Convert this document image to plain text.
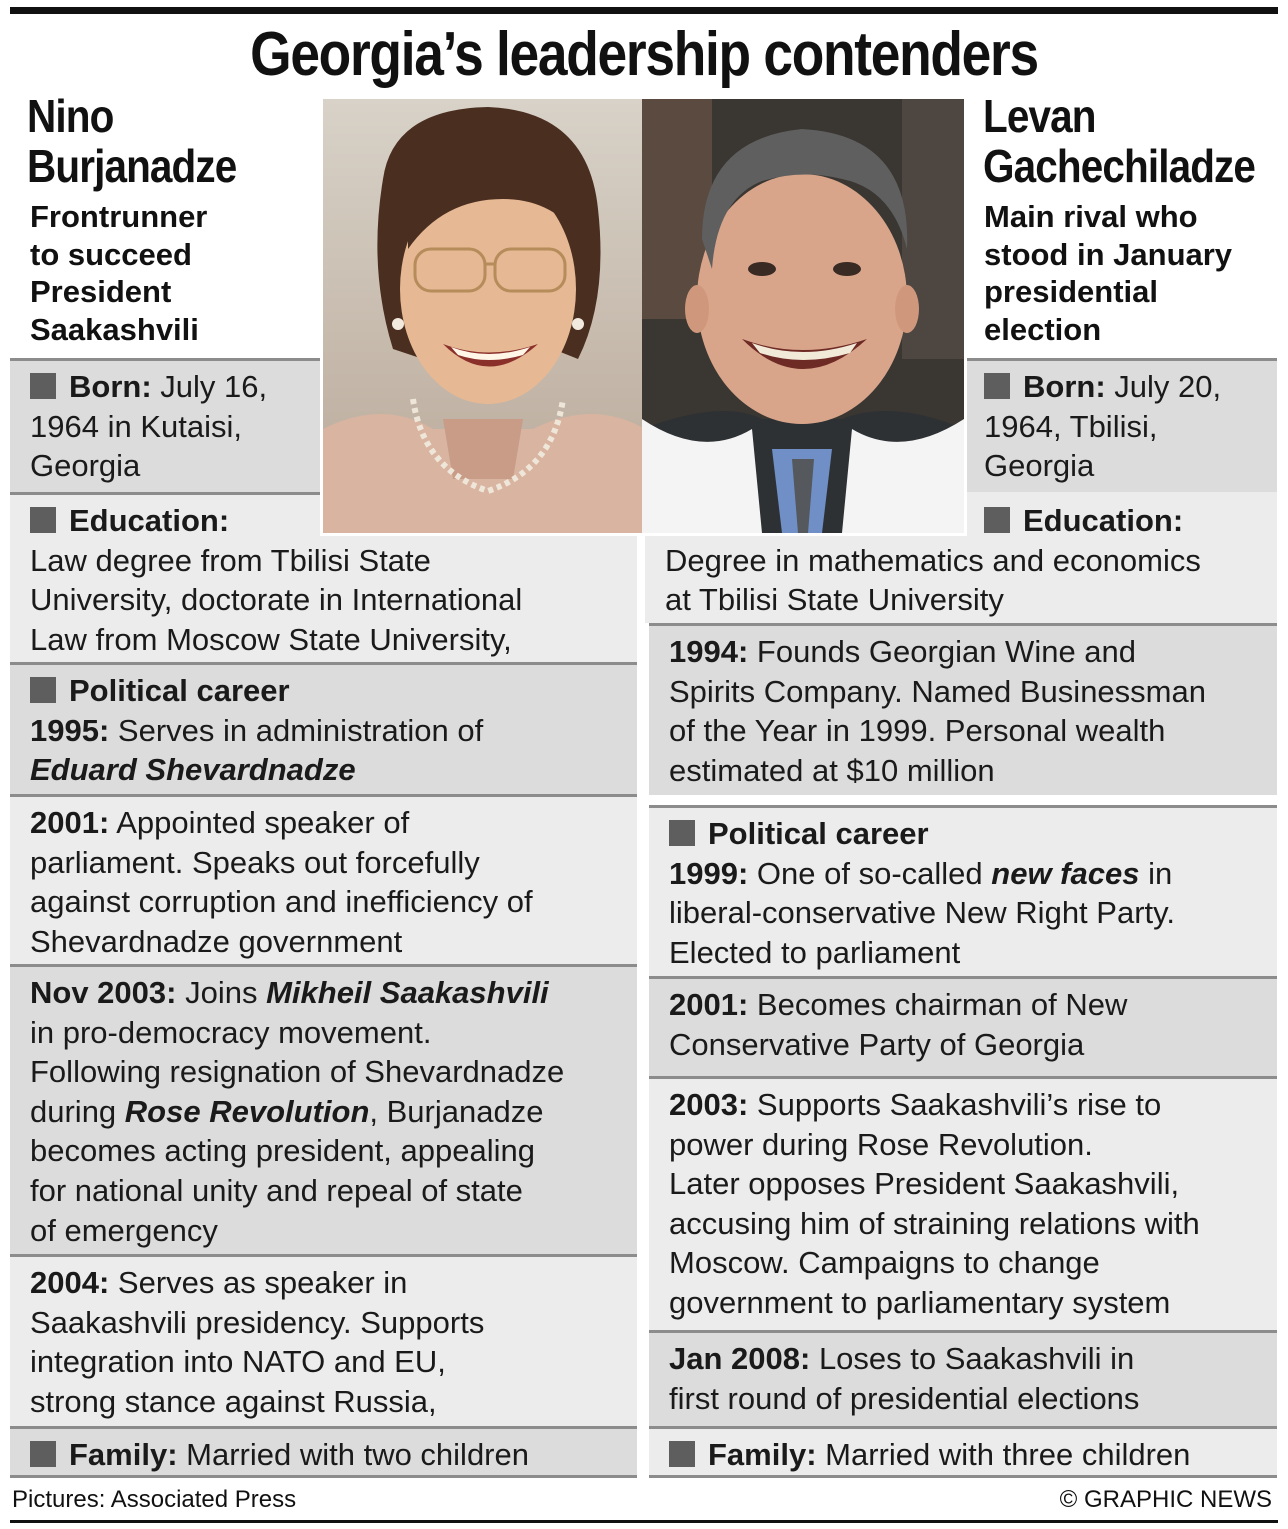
Georgia’s leadership contenders
Nino
Burjanadze
Frontrunner
to succeed
President
Saakashvili
Levan
Gachechiladze
Main rival who
stood in January
presidential
election

Born: July 16,

1964 in Kutaisi,

Georgia

Education:

Law degree from Tbilisi State

University, doctorate in International

Law from Moscow State University,

Political career

1995: Serves in administration of

Eduard Shevardnadze

2001: Appointed speaker of

parliament. Speaks out forcefully

against corruption and inefficiency of

Shevardnadze government

Nov 2003: Joins Mikheil Saakashvili

in pro-democracy movement.

Following resignation of Shevardnadze

during Rose Revolution, Burjanadze

becomes acting president, appealing

for national unity and repeal of state

of emergency

2004: Serves as speaker in

Saakashvili presidency. Supports

integration into NATO and EU,

strong stance against Russia,

Family: Married with two children

Born: July 20,

1964, Tbilisi,

Georgia

Education:

Degree in mathematics and economics

at Tbilisi State University

1994: Founds Georgian Wine and

Spirits Company. Named Businessman

of the Year in 1999. Personal wealth

estimated at $10 million

Political career

1999: One of so-called new faces in

liberal-conservative New Right Party.

Elected to parliament

2001: Becomes chairman of New

Conservative Party of Georgia

2003: Supports Saakashvili’s rise to

power during Rose Revolution.

Later opposes President Saakashvili,

accusing him of straining relations with

Moscow. Campaigns to change

government to parliamentary system

Jan 2008: Loses to Saakashvili in

first round of presidential elections

Family: Married with three children

Pictures: Associated Press	© GRAPHIC NEWS
